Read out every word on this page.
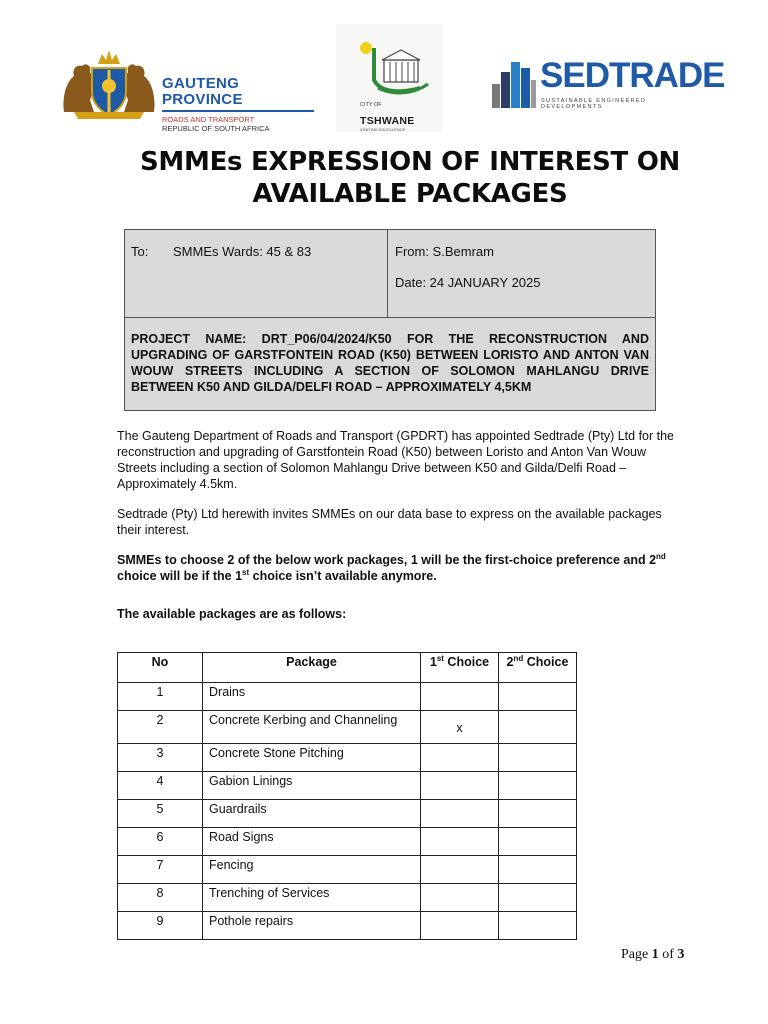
GAUTENG PROVINCE
ROADS AND TRANSPORT
REPUBLIC OF SOUTH AFRICA
CITY OF
TSHWANE
IGNITING EXCELLENCE
SEDTRADE
SUSTAINABLE ENGINEERED DEVELOPMENTS
SMMEs EXPRESSION OF INTEREST ON AVAILABLE PACKAGES
To: SMMEs Wards: 45 & 83	From: S.Bemram
Date: 24 JANUARY 2025
PROJECT NAME: DRT_P06/04/2024/K50 FOR THE RECONSTRUCTION AND UPGRADING OF GARSTFONTEIN ROAD (K50) BETWEEN LORISTO AND ANTON VAN WOUW STREETS INCLUDING A SECTION OF SOLOMON MAHLANGU DRIVE BETWEEN K50 AND GILDA/DELFI ROAD – APPROXIMATELY 4,5KM
The Gauteng Department of Roads and Transport (GPDRT) has appointed Sedtrade (Pty) Ltd for the reconstruction and upgrading of Garstfontein Road (K50) between Loristo and Anton Van Wouw Streets including a section of Solomon Mahlangu Drive between K50 and Gilda/Delfi Road – Approximately 4.5km.
Sedtrade (Pty) Ltd herewith invites SMMEs on our data base to express on the available packages their interest.
SMMEs to choose 2 of the below work packages, 1 will be the first-choice preference and 2nd choice will be if the 1st choice isn’t available anymore.
The available packages are as follows:
No	Package	1st Choice	2nd Choice
1	Drains		
2	Concrete Kerbing and Channeling	x	
3	Concrete Stone Pitching		
4	Gabion Linings		
5	Guardrails		
6	Road Signs		
7	Fencing		
8	Trenching of Services		
9	Pothole repairs		
Page 1 of 3
